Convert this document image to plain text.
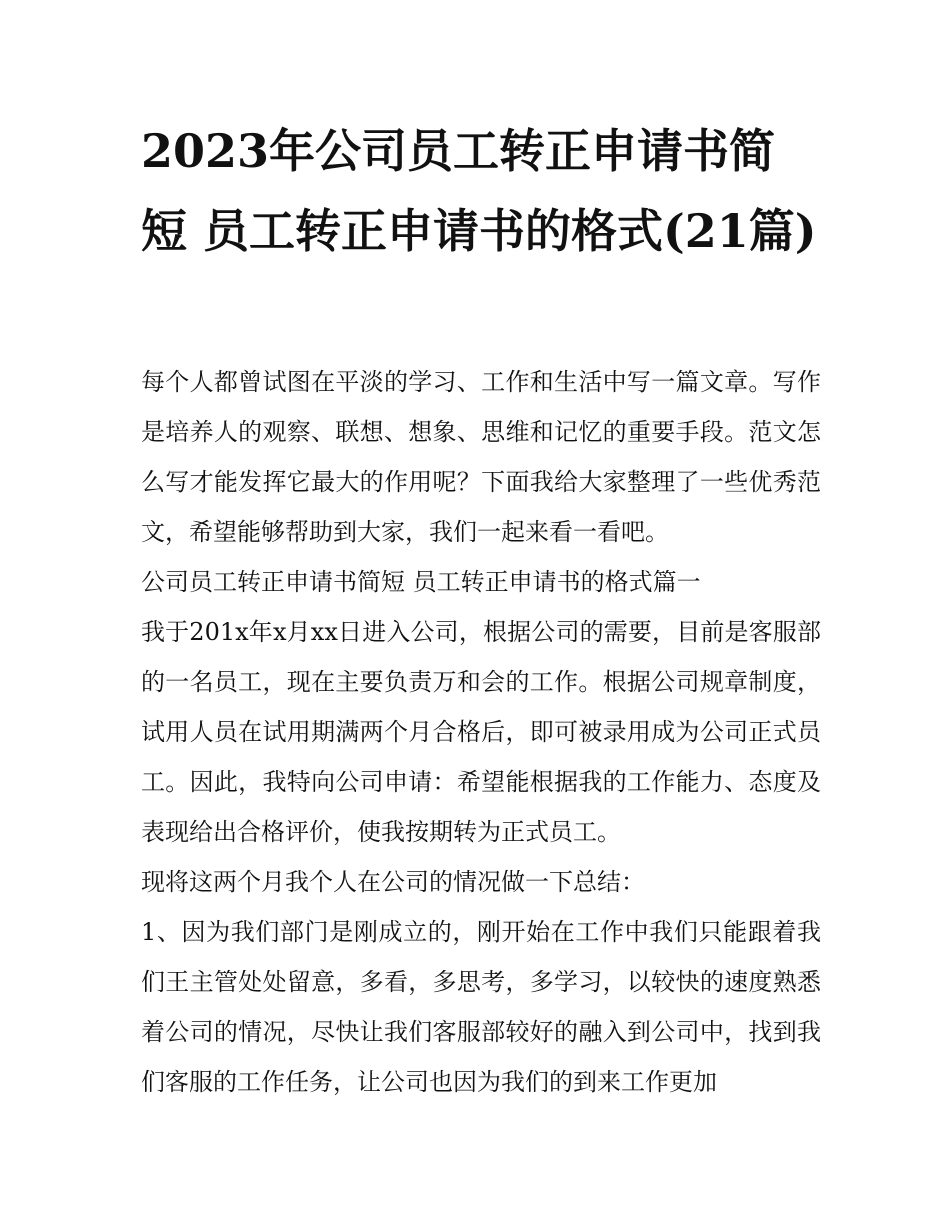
2023年公司员工转正申请书简短 员工转正申请书的格式(21篇)

每个人都曾试图在平淡的学习、工作和生活中写一篇文章。写作是培养人的观察、联想、想象、思维和记忆的重要手段。范文怎么写才能发挥它最大的作用呢？下面我给大家整理了一些优秀范文，希望能够帮助到大家，我们一起来看一看吧。

公司员工转正申请书简短 员工转正申请书的格式篇一

我于201x年x月xx日进入公司，根据公司的需要，目前是客服部的一名员工，现在主要负责万和会的工作。根据公司规章制度，试用人员在试用期满两个月合格后，即可被录用成为公司正式员工。因此，我特向公司申请：希望能根据我的工作能力、态度及表现给出合格评价，使我按期转为正式员工。

现将这两个月我个人在公司的情况做一下总结：

1、因为我们部门是刚成立的，刚开始在工作中我们只能跟着我们王主管处处留意，多看，多思考，多学习，以较快的速度熟悉着公司的情况，尽快让我们客服部较好的融入到公司中，找到我们客服的工作任务，让公司也因为我们的到来工作更加
